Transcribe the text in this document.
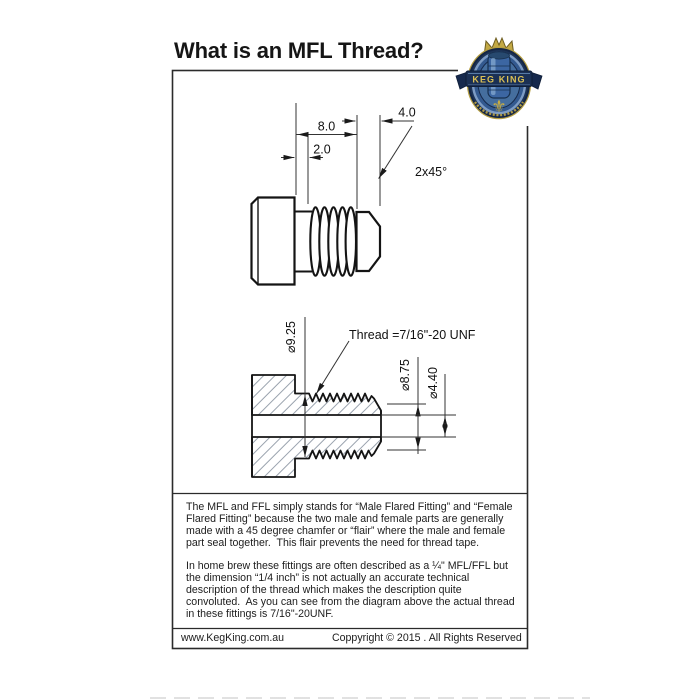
8.0
2.0
4.0
2x45°
⌀9.25
⌀8.75 ⌀4.40
Thread =7/16"-20 UNF
What is an MFL Thread?
⚜
KEG KING

The MFL and FFL simply stands for “Male Flared Fitting” and “Female Flared Fitting” because the two male and female parts are generally made with a 45 degree chamfer or “flair” where the male and female part seal together.  This flair prevents the need for thread tape.

In home brew these fittings are often described as a ¼" MFL/FFL but the dimension “1/4 inch” is not actually an accurate technical description of the thread which makes the description quite convoluted.  As you can see from the diagram above the actual thread in these fittings is 7/16"-20UNF.

www.KegKing.com.au	Coppyright © 2015 . All Rights Reserved
